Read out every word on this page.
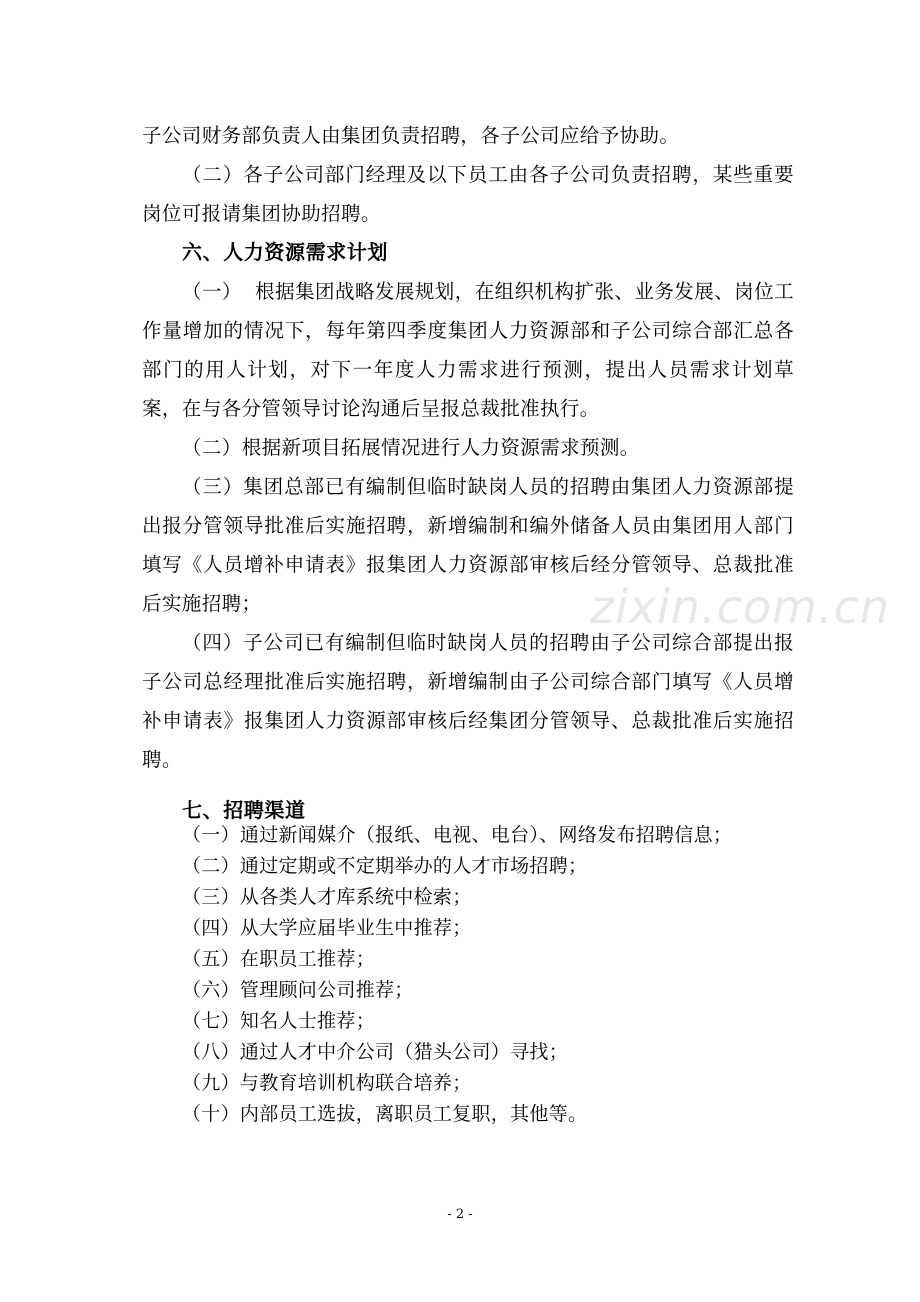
子公司财务部负责人由集团负责招聘，各子公司应给予协助。

（二）各子公司部门经理及以下员工由各子公司负责招聘，某些重要岗位可报请集团协助招聘。

六、人力资源需求计划

（一）  根据集团战略发展规划，在组织机构扩张、业务发展、岗位工作量增加的情况下，每年第四季度集团人力资源部和子公司综合部汇总各部门的用人计划，对下一年度人力需求进行预测，提出人员需求计划草案，在与各分管领导讨论沟通后呈报总裁批准执行。

（二）根据新项目拓展情况进行人力资源需求预测。

（三）集团总部已有编制但临时缺岗人员的招聘由集团人力资源部提出报分管领导批准后实施招聘，新增编制和编外储备人员由集团用人部门填写《人员增补申请表》报集团人力资源部审核后经分管领导、总裁批准后实施招聘；

（四）子公司已有编制但临时缺岗人员的招聘由子公司综合部提出报子公司总经理批准后实施招聘，新增编制由子公司综合部门填写《人员增补申请表》报集团人力资源部审核后经集团分管领导、总裁批准后实施招聘。

七、招聘渠道

（一）通过新闻媒介（报纸、电视、电台）、网络发布招聘信息；
（二）通过定期或不定期举办的人才市场招聘；
（三）从各类人才库系统中检索；
（四）从大学应届毕业生中推荐；
（五）在职员工推荐；
（六）管理顾问公司推荐；
（七）知名人士推荐；
（八）通过人才中介公司（猎头公司）寻找；
（九）与教育培训机构联合培养；
（十）内部员工选拔，离职员工复职，其他等。
zixin.com.cn
- 2 -
